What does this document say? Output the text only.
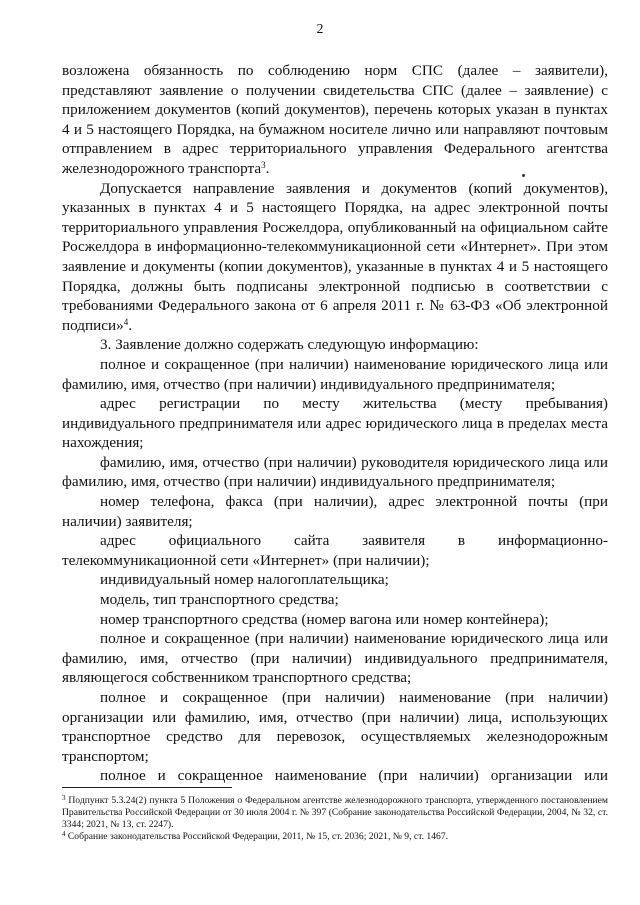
2

возложена обязанность по соблюдению норм СПС (далее – заявители), представляют заявление о получении свидетельства СПС (далее – заявление) с приложением документов (копий документов), перечень которых указан в пунктах 4 и 5 настоящего Порядка, на бумажном носителе лично или направляют почтовым отправлением в адрес территориального управления Федерального агентства железнодорожного транспорта$^3$.

Допускается направление заявления и документов (копий документов), указанных в пунктах 4 и 5 настоящего Порядка, на адрес электронной почты территориального управления Росжелдора, опубликованный на официальном сайте Росжелдора в информационно-телекоммуникационной сети «Интернет». При этом заявление и документы (копии документов), указанные в пунктах 4 и 5 настоящего Порядка, должны быть подписаны электронной подписью в соответствии с требованиями Федерального закона от 6 апреля 2011 г. № 63-ФЗ «Об электронной подписи»$^4$.

3. Заявление должно содержать следующую информацию:

полное и сокращенное (при наличии) наименование юридического лица или фамилию, имя, отчество (при наличии) индивидуального предпринимателя;

адрес регистрации по месту жительства (месту пребывания) индивидуального предпринимателя или адрес юридического лица в пределах места нахождения;

фамилию, имя, отчество (при наличии) руководителя юридического лица или фамилию, имя, отчество (при наличии) индивидуального предпринимателя;

номер телефона, факса (при наличии), адрес электронной почты (при наличии) заявителя;

адрес официального сайта заявителя в информационно-телекоммуникационной сети «Интернет» (при наличии);

индивидуальный номер налогоплательщика;

модель, тип транспортного средства;

номер транспортного средства (номер вагона или номер контейнера);

полное и сокращенное (при наличии) наименование юридического лица или фамилию, имя, отчество (при наличии) индивидуального предпринимателя, являющегося собственником транспортного средства;

полное и сокращенное (при наличии) наименование (при наличии) организации или фамилию, имя, отчество (при наличии) лица, использующих транспортное средство для перевозок, осуществляемых железнодорожным транспортом;

полное и сокращенное наименование (при наличии) организации или

$^3$ Подпункт 5.3.24(2) пункта 5 Положения о Федеральном агентстве железнодорожного транспорта, утвержденного постановлением Правительства Российской Федерации от 30 июля 2004 г. № 397 (Собрание законодательства Российской Федерации, 2004, № 32, ст. 3344; 2021, № 13, ст. 2247).

$^4$ Собрание законодательства Российской Федерации, 2011, № 15, ст. 2036; 2021, № 9, ст. 1467.
